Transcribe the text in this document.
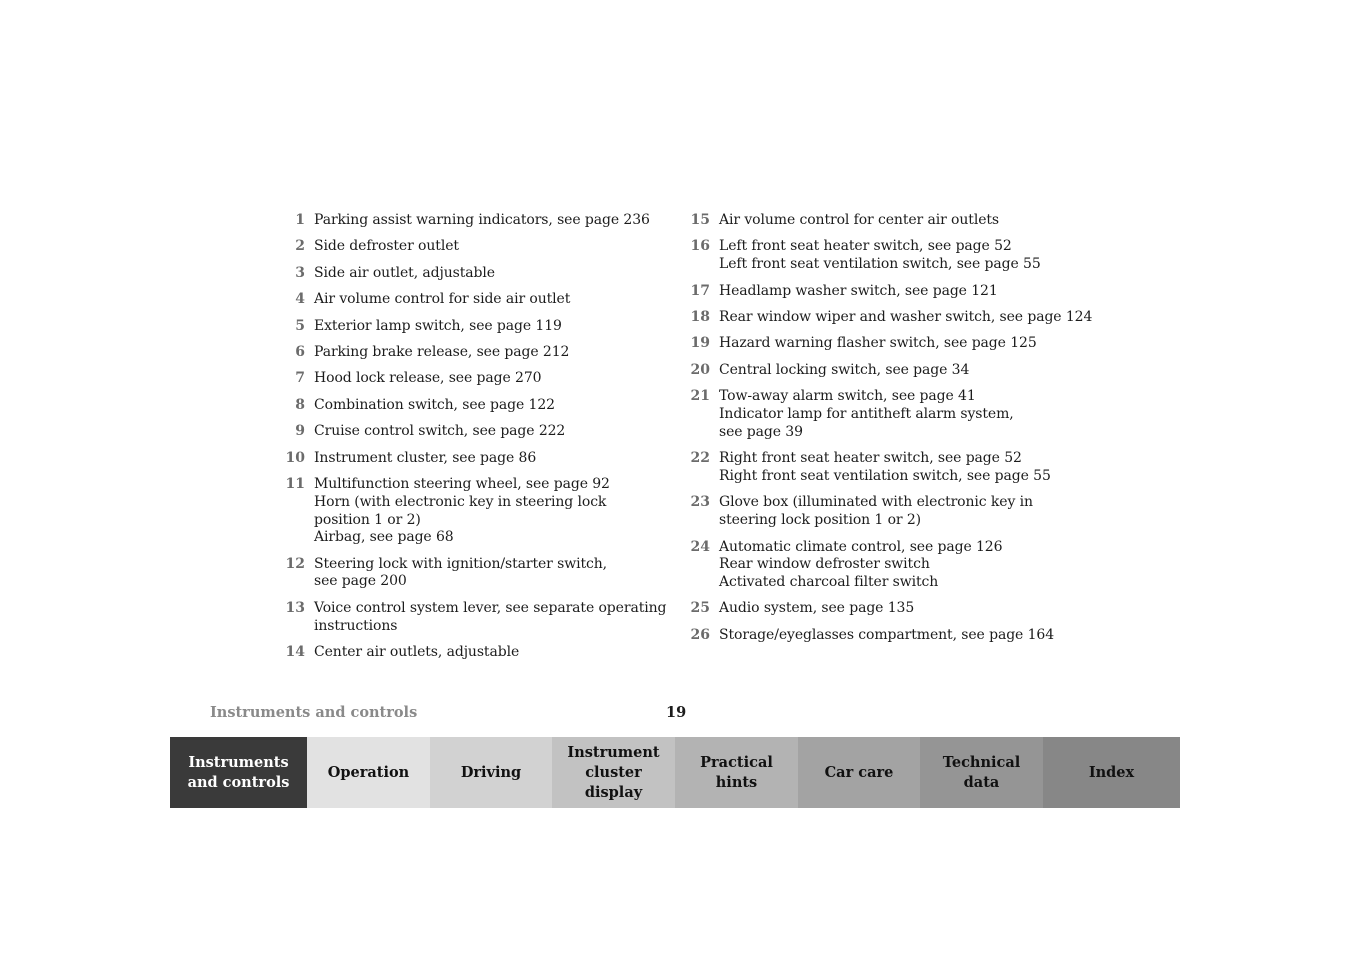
1 Parking assist warning indicators, see page 236
2 Side defroster outlet
3 Side air outlet, adjustable
4 Air volume control for side air outlet
5 Exterior lamp switch, see page 119
6 Parking brake release, see page 212
7 Hood lock release, see page 270
8 Combination switch, see page 122
9 Cruise control switch, see page 222
10 Instrument cluster, see page 86
11 Multifunction steering wheel, see page 92
Horn (with electronic key in steering lock
position 1 or 2)
Airbag, see page 68
12 Steering lock with ignition/starter switch,
see page 200
13 Voice control system lever, see separate operating
instructions
14 Center air outlets, adjustable
15 Air volume control for center air outlets
16 Left front seat heater switch, see page 52
Left front seat ventilation switch, see page 55
17 Headlamp washer switch, see page 121
18 Rear window wiper and washer switch, see page 124
19 Hazard warning flasher switch, see page 125
20 Central locking switch, see page 34
21 Tow-away alarm switch, see page 41
Indicator lamp for antitheft alarm system,
see page 39
22 Right front seat heater switch, see page 52
Right front seat ventilation switch, see page 55
23 Glove box (illuminated with electronic key in
steering lock position 1 or 2)
24 Automatic climate control, see page 126
Rear window defroster switch
Activated charcoal filter switch
25 Audio system, see page 135
26 Storage/eyeglasses compartment, see page 164
Instruments and controls	19
Instruments
and controls
Operation	Driving
Instrument
cluster display
Practical hints
Car care
Technical
data
Index
